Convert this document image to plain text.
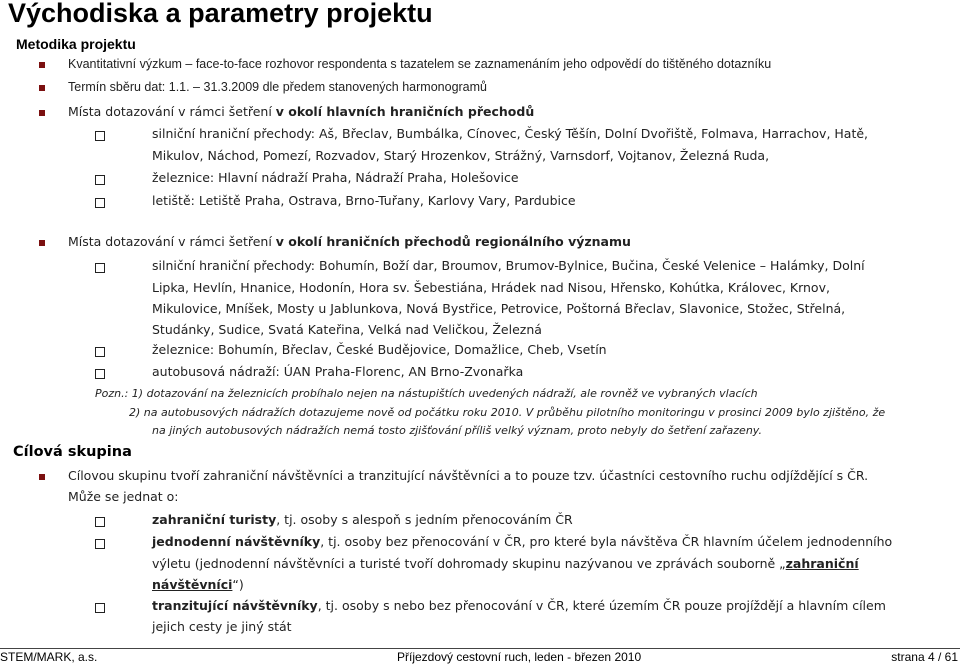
Východiska a parametry projektu
Metodika projektu
Kvantitativní výzkum – face-to-face rozhovor respondenta s tazatelem se zaznamenáním jeho odpovědí do tištěného dotazníku
Termín sběru dat: 1.1. – 31.3.2009 dle předem stanovených harmonogramů
Místa dotazování v rámci šetření v okolí hlavních hraničních přechodů
silniční hraniční přechody: Aš, Břeclav, Bumbálka, Cínovec, Český Těšín, Dolní Dvořiště, Folmava, Harrachov, Hatě,
Mikulov, Náchod, Pomezí, Rozvadov, Starý Hrozenkov, Strážný, Varnsdorf, Vojtanov, Železná Ruda,
železnice: Hlavní nádraží Praha, Nádraží Praha, Holešovice
letiště: Letiště Praha, Ostrava, Brno-Tuřany, Karlovy Vary, Pardubice
Místa dotazování v rámci šetření v okolí hraničních přechodů regionálního významu
silniční hraniční přechody: Bohumín, Boží dar, Broumov, Brumov-Bylnice, Bučina, České Velenice – Halámky, Dolní
Lipka, Hevlín, Hnanice, Hodonín, Hora sv. Šebestiána, Hrádek nad Nisou, Hřensko, Kohútka, Královec, Krnov,
Mikulovice, Mníšek, Mosty u Jablunkova, Nová Bystřice, Petrovice, Poštorná Břeclav, Slavonice, Stožec, Střelná,
Studánky, Sudice, Svatá Kateřina, Velká nad Veličkou, Železná
železnice: Bohumín, Břeclav, České Budějovice, Domažlice, Cheb, Vsetín
autobusová nádraží: ÚAN Praha-Florenc, AN Brno-Zvonařka
Pozn.: 1) dotazování na železnicích probíhalo nejen na nástupištích uvedených nádraží, ale rovněž ve vybraných vlacích
2) na autobusových nádražích dotazujeme nově od počátku roku 2010. V průběhu pilotního monitoringu v prosinci 2009 bylo zjištěno, že
na jiných autobusových nádražích nemá tosto zjišťování příliš velký význam, proto nebyly do šetření zařazeny.
Cílová skupina
Cílovou skupinu tvoří zahraniční návštěvníci a tranzitující návštěvníci a to pouze tzv. účastníci cestovního ruchu odjíždějící s ČR.
Může se jednat o:
zahraniční turisty, tj. osoby s alespoň s jedním přenocováním ČR
jednodenní návštěvníky, tj. osoby bez přenocování v ČR, pro které byla návštěva ČR hlavním účelem jednodenního
výletu (jednodenní návštěvníci a turisté tvoří dohromady skupinu nazývanou ve zprávách souborně „zahraniční
návštěvníci“)
tranzitující návštěvníky, tj. osoby s nebo bez přenocování v ČR, které územím ČR pouze projíždějí a hlavním cílem
jejich cesty je jiný stát
STEM/MARK, a.s.	Příjezdový cestovní ruch, leden - březen 2010	strana 4 / 61
